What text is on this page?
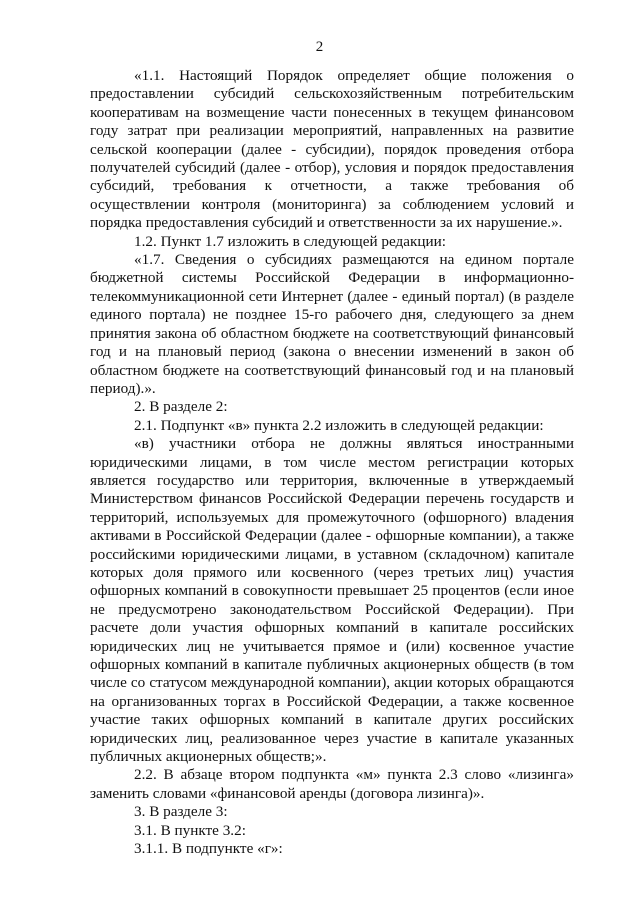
2

«1.1. Настоящий Порядок определяет общие положения о предоставлении субсидий сельскохозяйственным потребительским кооперативам на возмещение части понесенных в текущем финансовом году затрат при реализации мероприятий, направленных на развитие сельской кооперации (далее - субсидии), порядок проведения отбора получателей субсидий (далее - отбор), условия и порядок предоставления субсидий, требования к отчетности, а также требования об осуществлении контроля (мониторинга) за соблюдением условий и порядка предоставления субсидий и ответственности за их нарушение.».

1.2. Пункт 1.7 изложить в следующей редакции:

«1.7. Сведения о субсидиях размещаются на едином портале бюджетной системы Российской Федерации в информационно-телекоммуникационной сети Интернет (далее - единый портал) (в разделе единого портала) не позднее 15-го рабочего дня, следующего за днем принятия закона об областном бюджете на соответствующий финансовый год и на плановый период (закона о внесении изменений в закон об областном бюджете на соответствующий финансовый год и на плановый период).».

2. В разделе 2:

2.1. Подпункт «в» пункта 2.2 изложить в следующей редакции:

«в) участники отбора не должны являться иностранными юридическими лицами, в том числе местом регистрации которых является государство или территория, включенные в утверждаемый Министерством финансов Российской Федерации перечень государств и территорий, используемых для промежуточного (офшорного) владения активами в Российской Федерации (далее - офшорные компании), а также российскими юридическими лицами, в уставном (складочном) капитале которых доля прямого или косвенного (через третьих лиц) участия офшорных компаний в совокупности превышает 25 процентов (если иное не предусмотрено законодательством Российской Федерации). При расчете доли участия офшорных компаний в капитале российских юридических лиц не учитывается прямое и (или) косвенное участие офшорных компаний в капитале публичных акционерных обществ (в том числе со статусом международной компании), акции которых обращаются на организованных торгах в Российской Федерации, а также косвенное участие таких офшорных компаний в капитале других российских юридических лиц, реализованное через участие в капитале указанных публичных акционерных обществ;».

2.2. В абзаце втором подпункта «м» пункта 2.3 слово «лизинга» заменить словами «финансовой аренды (договора лизинга)».

3. В разделе 3:

3.1. В пункте 3.2:

3.1.1. В подпункте «г»:
